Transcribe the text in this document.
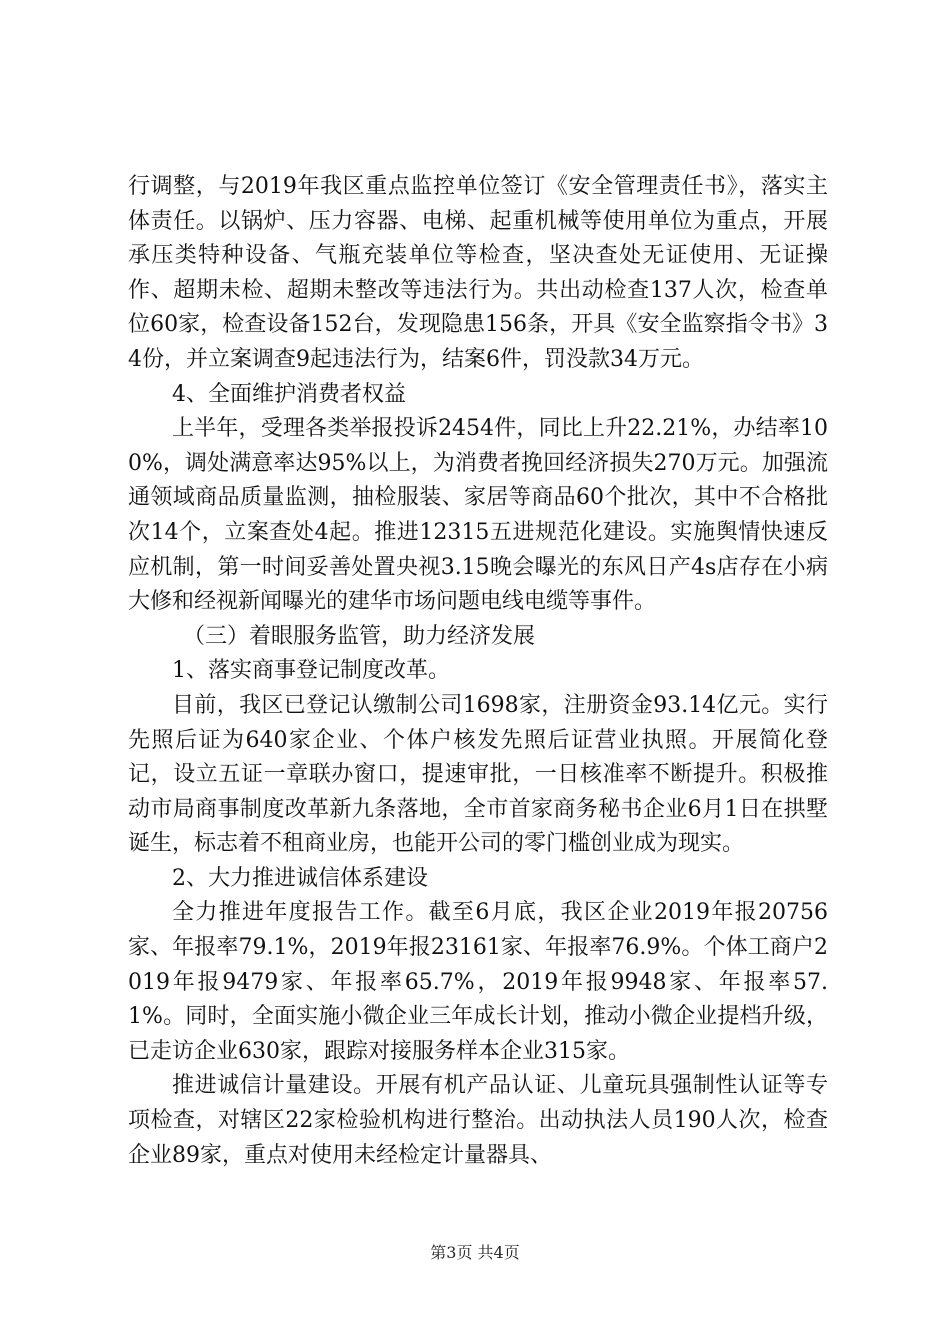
行调整，与2019年我区重点监控单位签订《安全管理责任书》，落实主体责任。以锅炉、压力容器、电梯、起重机械等使用单位为重点，开展承压类特种设备、气瓶充装单位等检查，坚决查处无证使用、无证操作、超期未检、超期未整改等违法行为。共出动检查137人次，检查单位60家，检查设备152台，发现隐患156条，开具《安全监察指令书》34份，并立案调查9起违法行为，结案6件，罚没款34万元。

4、全面维护消费者权益

上半年，受理各类举报投诉2454件，同比上升22.21%，办结率100%，调处满意率达95%以上，为消费者挽回经济损失270万元。加强流通领域商品质量监测，抽检服装、家居等商品60个批次，其中不合格批次14个，立案查处4起。推进12315五进规范化建设。实施舆情快速反应机制，第一时间妥善处置央视3.15晚会曝光的东风日产4s店存在小病大修和经视新闻曝光的建华市场问题电线电缆等事件。

（三）着眼服务监管，助力经济发展

1、落实商事登记制度改革。

目前，我区已登记认缴制公司1698家，注册资金93.14亿元。实行先照后证为640家企业、个体户核发先照后证营业执照。开展简化登记，设立五证一章联办窗口，提速审批，一日核准率不断提升。积极推动市局商事制度改革新九条落地，全市首家商务秘书企业6月1日在拱墅诞生，标志着不租商业房，也能开公司的零门槛创业成为现实。

2、大力推进诚信体系建设

全力推进年度报告工作。截至6月底，我区企业2019年报20756家、年报率79.1%，2019年报23161家、年报率76.9%。个体工商户2019年报9479家、年报率65.7%，2019年报9948家、年报率57.1%。同时，全面实施小微企业三年成长计划，推动小微企业提档升级，已走访企业630家，跟踪对接服务样本企业315家。

推进诚信计量建设。开展有机产品认证、儿童玩具强制性认证等专项检查，对辖区22家检验机构进行整治。出动执法人员190人次，检查企业89家，重点对使用未经检定计量器具、

第3页 共4页
